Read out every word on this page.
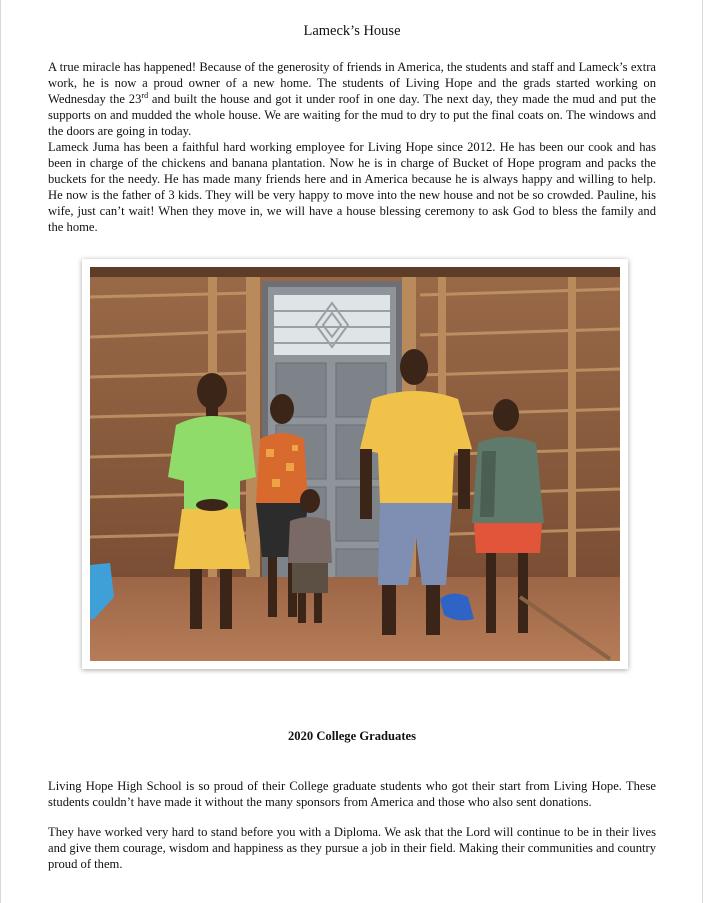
Lameck’s House

A true miracle has happened! Because of the generosity of friends in America, the students and staff and Lameck’s extra work, he is now a proud owner of a new home. The students of Living Hope and the grads started working on Wednesday the 23rd and built the house and got it under roof in one day. The next day, they made the mud and put the supports on and mudded the whole house. We are waiting for the mud to dry to put the final coats on. The windows and the doors are going in today.

Lameck Juma has been a faithful hard working employee for Living Hope since 2012. He has been our cook and has been in charge of the chickens and banana plantation. Now he is in charge of Bucket of Hope program and packs the buckets for the needy. He has made many friends here and in America because he is always happy and willing to help. He now is the father of 3 kids. They will be very happy to move into the new house and not be so crowded. Pauline, his wife, just can’t wait! When they move in, we will have a house blessing ceremony to ask God to bless the family and the home.

2020 College Graduates

Living Hope High School is so proud of their College graduate students who got their start from Living Hope. These students couldn’t have made it without the many sponsors from America and those who also sent donations.

They have worked very hard to stand before you with a Diploma. We ask that the Lord will continue to be in their lives and give them courage, wisdom and happiness as they pursue a job in their field. Making their communities and country proud of them.
